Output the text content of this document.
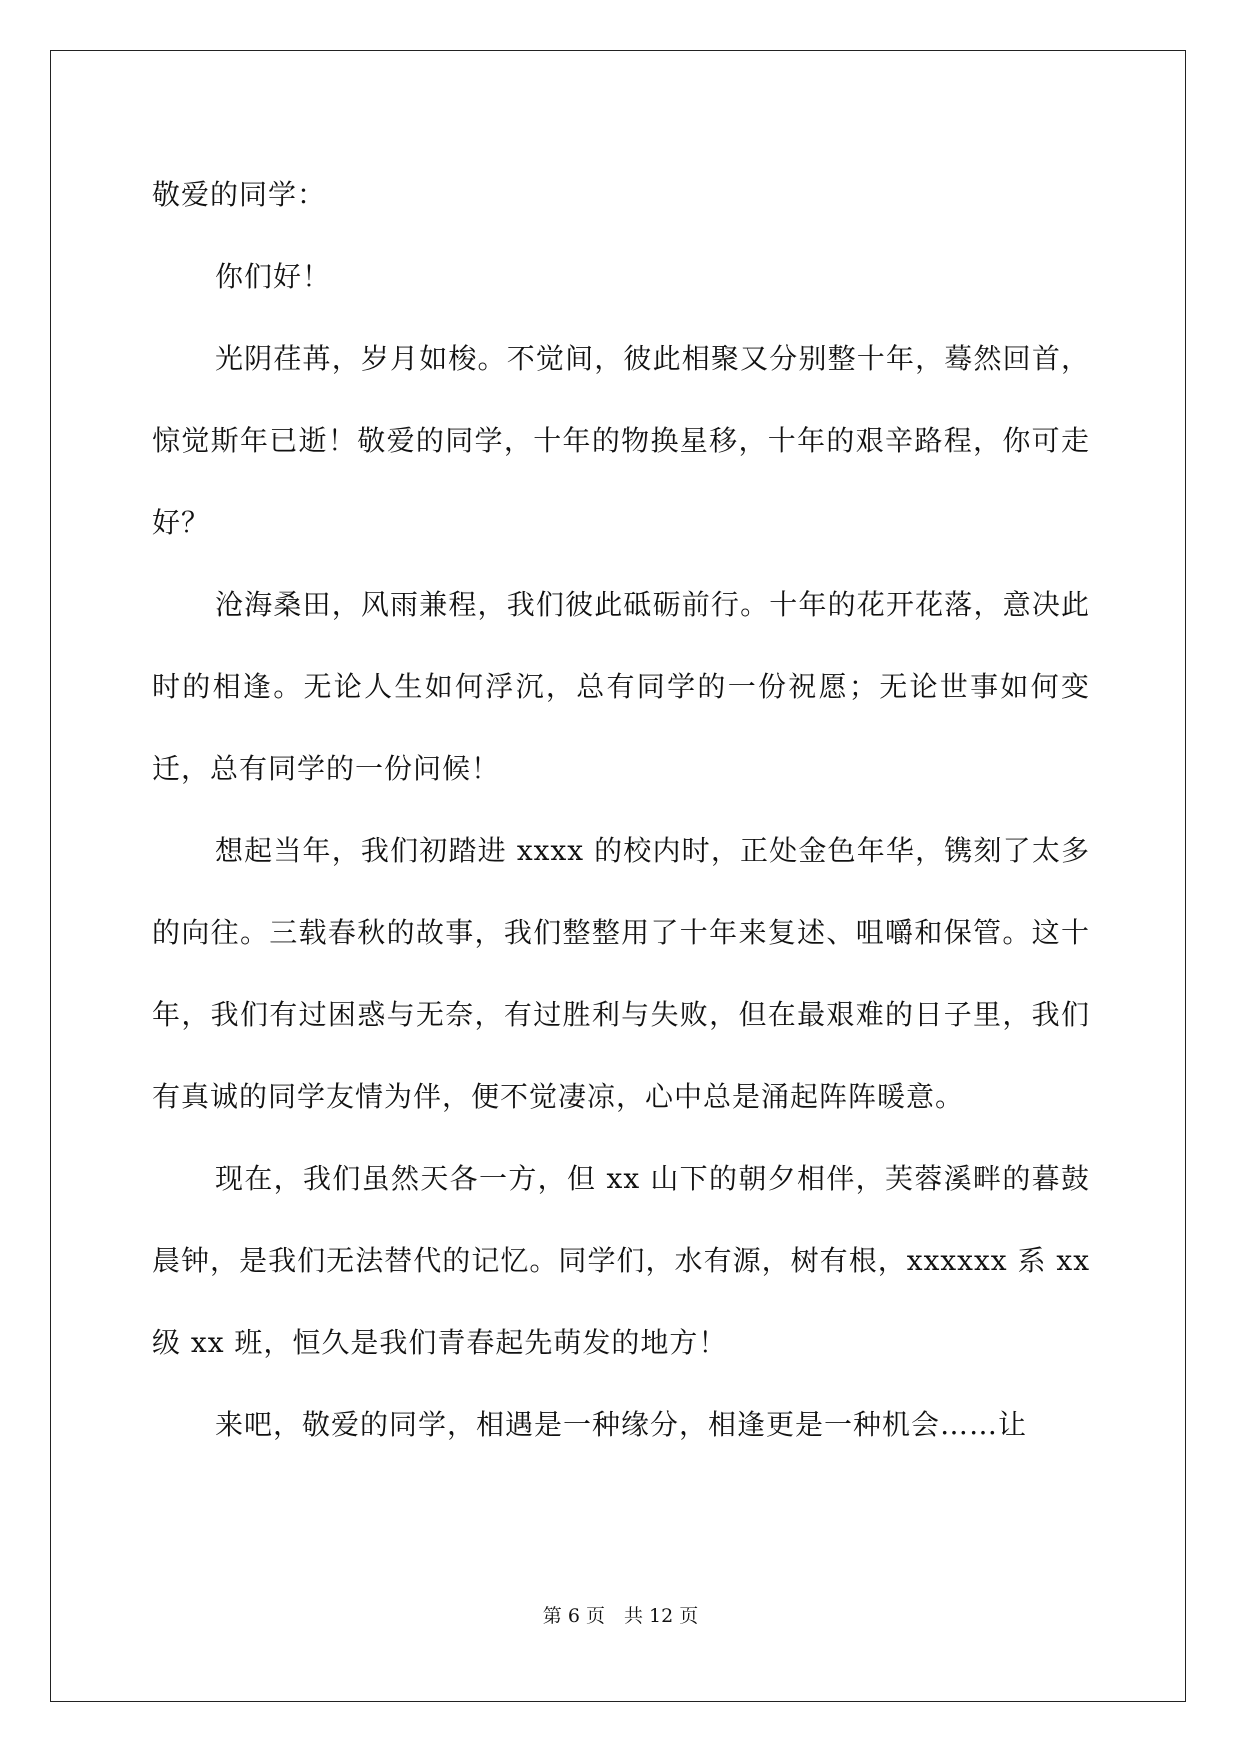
敬爱的同学：

你们好！

光阴荏苒，岁月如梭。不觉间，彼此相聚又分别整十年，蓦然回首，惊觉斯年已逝！敬爱的同学，十年的物换星移，十年的艰辛路程，你可走好？

沧海桑田，风雨兼程，我们彼此砥砺前行。十年的花开花落，意决此时的相逢。无论人生如何浮沉，总有同学的一份祝愿；无论世事如何变迁，总有同学的一份问候！

想起当年，我们初踏进 xxxx 的校内时，正处金色年华，镌刻了太多的向往。三载春秋的故事，我们整整用了十年来复述、咀嚼和保管。这十年，我们有过困惑与无奈，有过胜利与失败，但在最艰难的日子里，我们有真诚的同学友情为伴，便不觉凄凉，心中总是涌起阵阵暖意。

现在，我们虽然天各一方，但 xx 山下的朝夕相伴，芙蓉溪畔的暮鼓晨钟，是我们无法替代的记忆。同学们，水有源，树有根，xxxxxx 系 xx 级 xx 班，恒久是我们青春起先萌发的地方！

来吧，敬爱的同学，相遇是一种缘分，相逢更是一种机会……让

第 6 页　共 12 页
